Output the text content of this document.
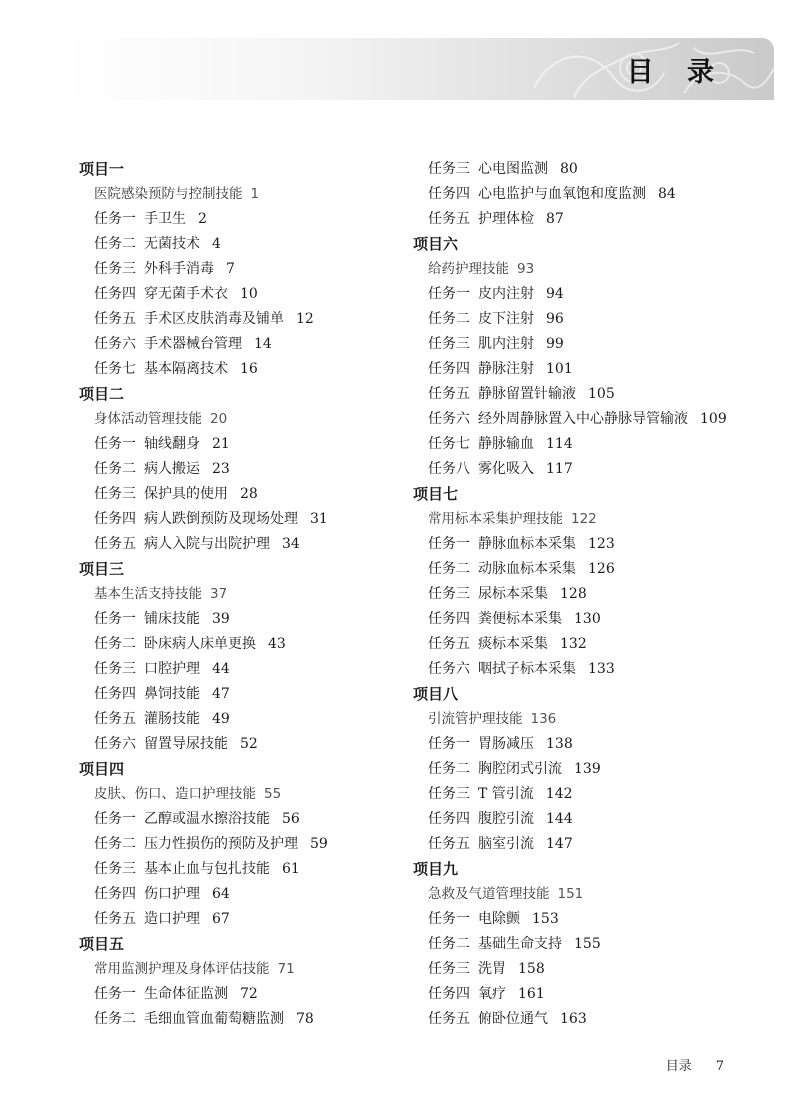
目 录
项目一
医院感染预防与控制技能 1
任务一 手卫生 2
任务二 无菌技术 4
任务三 外科手消毒 7
任务四 穿无菌手术衣 10
任务五 手术区皮肤消毒及铺单 12
任务六 手术器械台管理 14
任务七 基本隔离技术 16
项目二
身体活动管理技能 20
任务一 轴线翻身 21
任务二 病人搬运 23
任务三 保护具的使用 28
任务四 病人跌倒预防及现场处理 31
任务五 病人入院与出院护理 34
项目三
基本生活支持技能 37
任务一 铺床技能 39
任务二 卧床病人床单更换 43
任务三 口腔护理 44
任务四 鼻饲技能 47
任务五 灌肠技能 49
任务六 留置导尿技能 52
项目四
皮肤、伤口、造口护理技能 55
任务一 乙醇或温水擦浴技能 56
任务二 压力性损伤的预防及护理 59
任务三 基本止血与包扎技能 61
任务四 伤口护理 64
任务五 造口护理 67
项目五
常用监测护理及身体评估技能 71
任务一 生命体征监测 72
任务二 毛细血管血葡萄糖监测 78
任务三 心电图监测 80
任务四 心电监护与血氧饱和度监测 84
任务五 护理体检 87
项目六
给药护理技能 93
任务一 皮内注射 94
任务二 皮下注射 96
任务三 肌内注射 99
任务四 静脉注射 101
任务五 静脉留置针输液 105
任务六 经外周静脉置入中心静脉导管输液 109
任务七 静脉输血 114
任务八 雾化吸入 117
项目七
常用标本采集护理技能 122
任务一 静脉血标本采集 123
任务二 动脉血标本采集 126
任务三 尿标本采集 128
任务四 粪便标本采集 130
任务五 痰标本采集 132
任务六 咽拭子标本采集 133
项目八
引流管护理技能 136
任务一 胃肠减压 138
任务二 胸腔闭式引流 139
任务三 T 管引流 142
任务四 腹腔引流 144
任务五 脑室引流 147
项目九
急救及气道管理技能 151
任务一 电除颤 153
任务二 基础生命支持 155
任务三 洗胃 158
任务四 氧疗 161
任务五 俯卧位通气 163
目录 7
